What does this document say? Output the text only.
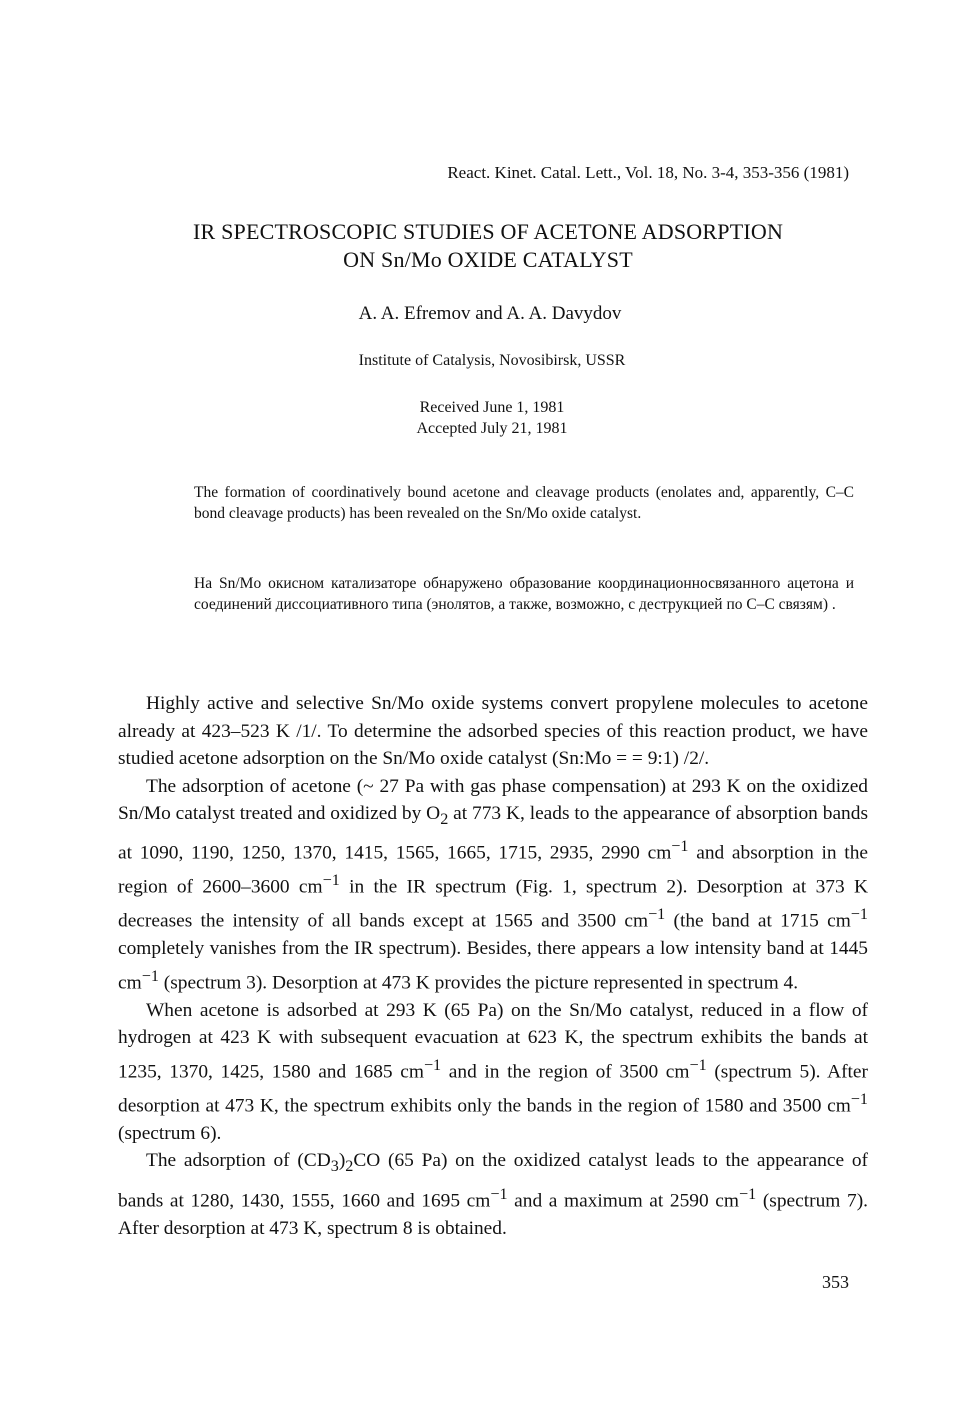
React. Kinet. Catal. Lett., Vol. 18, No. 3-4, 353-356 (1981)
IR SPECTROSCOPIC STUDIES OF ACETONE ADSORPTION
ON Sn/Mo OXIDE CATALYST
A. A. Efremov and A. A. Davydov
Institute of Catalysis, Novosibirsk, USSR
Received June 1, 1981
Accepted July 21, 1981
The formation of coordinatively bound acetone and cleavage products (enolates and, apparently, C–C bond cleavage products) has been revealed on the Sn/Mo oxide catalyst.
На Sn/Mo окисном катализаторе обнаружено образование координационносвязанного ацетона и соединений диссоциативного типа (энолятов, а также, возможно, с деструкцией по C–C связям) .

Highly active and selective Sn/Mo oxide systems convert propylene molecules to acetone already at 423–523 K /1/. To determine the adsorbed species of this reaction product, we have studied acetone adsorption on the Sn/Mo oxide catalyst (Sn:Mo = = 9:1) /2/.

The adsorption of acetone (~ 27 Pa with gas phase compensation) at 293 K on the oxidized Sn/Mo catalyst treated and oxidized by $O_2$ at 773 K, leads to the appearance of absorption bands at 1090, 1190, 1250, 1370, 1415, 1565, 1665, 1715, 2935, 2990 $cm^{-1}$ and absorption in the region of 2600–3600 $cm^{-1}$ in the IR spectrum (Fig. 1, spectrum 2). Desorption at 373 K decreases the intensity of all bands except at 1565 and 3500 $cm^{-1}$ (the band at 1715 $cm^{-1}$ completely vanishes from the IR spectrum). Besides, there appears a low intensity band at 1445 $cm^{-1}$ (spectrum 3). Desorption at 473 K provides the picture represented in spectrum 4.

When acetone is adsorbed at 293 K (65 Pa) on the Sn/Mo catalyst, reduced in a flow of hydrogen at 423 K with subsequent evacuation at 623 K, the spectrum exhibits the bands at 1235, 1370, 1425, 1580 and 1685 $cm^{-1}$ and in the region of 3500 $cm^{-1}$ (spectrum 5). After desorption at 473 K, the spectrum exhibits only the bands in the region of 1580 and 3500 $cm^{-1}$ (spectrum 6).

The adsorption of $(CD_3)_2CO$ (65 Pa) on the oxidized catalyst leads to the appearance of bands at 1280, 1430, 1555, 1660 and 1695 $cm^{-1}$ and a maximum at 2590 $cm^{-1}$ (spectrum 7). After desorption at 473 K, spectrum 8 is obtained.

353
